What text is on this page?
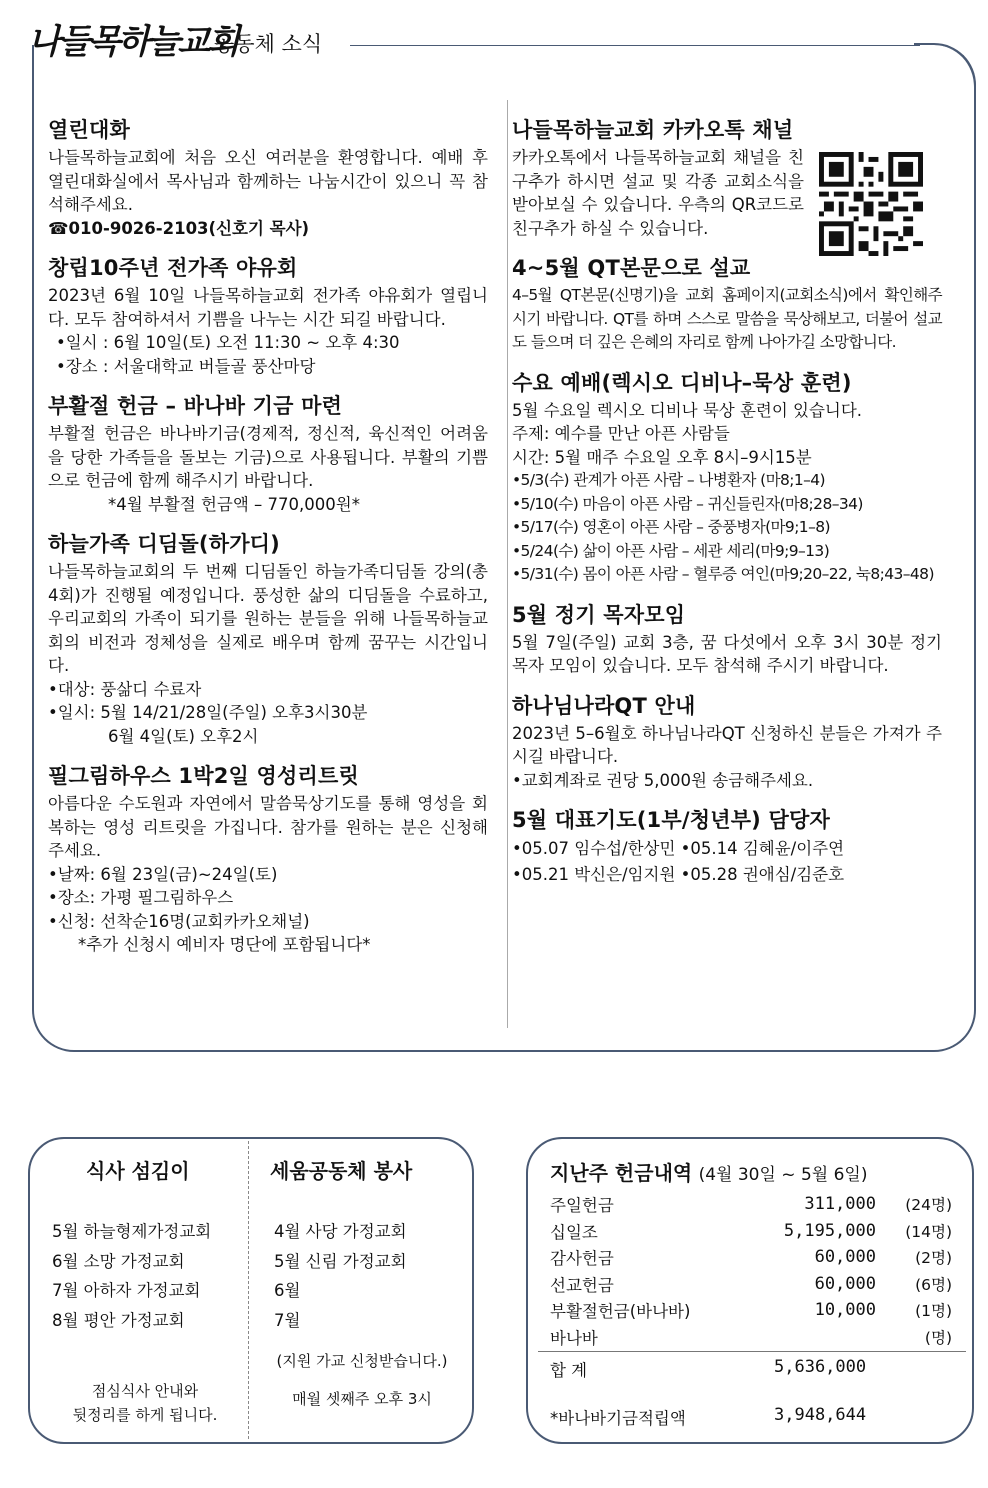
나들목하늘교회
공동체 소식
열린대화

나들목하늘교회에 처음 오신 여러분을 환영합니다. 예배 후 열린대화실에서 목사님과 함께하는 나눔시간이 있으니 꼭 참석해주세요.

☎010-9026-2103(신호기 목사)

창립10주년 전가족 야유회

2023년 6월 10일 나들목하늘교회 전가족 야유회가 열립니다. 모두 참여하셔서 기쁨을 나누는 시간 되길 바랍니다.

•일시 : 6월 10일(토) 오전 11:30 ~ 오후 4:30
•장소 : 서울대학교 버들골 풍산마당
부활절 헌금 – 바나바 기금 마련

부활절 헌금은 바나바기금(경제적, 정신적, 육신적인 어려움을 당한 가족들을 돌보는 기금)으로 사용됩니다. 부활의 기쁨으로 헌금에 함께 해주시기 바랍니다.

*4월 부활절 헌금액 – 770,000원*

하늘가족 디딤돌(하가디)

나들목하늘교회의 두 번째 디딤돌인 하늘가족디딤돌 강의(총4회)가 진행될 예정입니다. 풍성한 삶의 디딤돌을 수료하고, 우리교회의 가족이 되기를 원하는 분들을 위해 나들목하늘교회의 비전과 정체성을 실제로 배우며 함께 꿈꾸는 시간입니다.

•대상: 풍삶디 수료자
•일시: 5월 14/21/28일(주일) 오후3시30분
6월 4일(토) 오후2시
필그림하우스 1박2일 영성리트릿

아름다운 수도원과 자연에서 말씀묵상기도를 통해 영성을 회복하는 영성 리트릿을 가집니다. 참가를 원하는 분은 신청해주세요.

•날짜: 6월 23일(금)~24일(토)
•장소: 가평 필그림하우스
•신청: 선착순16명(교회카카오채널)
*추가 신청시 예비자 명단에 포함됩니다*
나들목하늘교회 카카오톡 채널

카카오톡에서 나들목하늘교회 채널을 친구추가 하시면 설교 및 각종 교회소식을 받아보실 수 있습니다. 우측의 QR코드로 친구추가 하실 수 있습니다.

4~5월 QT본문으로 설교

4–5월 QT본문(신명기)을 교회 홈페이지(교회소식)에서 확인해주시기 바랍니다. QT를 하며 스스로 말씀을 묵상해보고, 더불어 설교도 들으며 더 깊은 은혜의 자리로 함께 나아가길 소망합니다.

수요 예배(렉시오 디비나–묵상 훈련)

5월 수요일 렉시오 디비나 묵상 훈련이 있습니다.

주제: 예수를 만난 아픈 사람들

시간: 5월 매주 수요일 오후 8시–9시15분

•5/3(수) 관계가 아픈 사람 – 나병환자 (마8;1–4)
•5/10(수) 마음이 아픈 사람 – 귀신들린자(마8;28–34)
•5/17(수) 영혼이 아픈 사람 – 중풍병자(마9;1–8)
•5/24(수) 삶이 아픈 사람 – 세관 세리(마9;9–13)
•5/31(수) 몸이 아픈 사람 – 혈루증 여인(마9;20–22, 눅8;43–48)
5월 정기 목자모임

5월 7일(주일) 교회 3층, 꿈 다섯에서 오후 3시 30분 정기 목자 모임이 있습니다. 모두 참석해 주시기 바랍니다.

하나님나라QT 안내

2023년 5–6월호 하나님나라QT 신청하신 분들은 가져가 주시길 바랍니다.

•교회계좌로 권당 5,000원 송금해주세요.
5월 대표기도(1부/청년부) 담당자
•05.07 임수섭/한상민 •05.14 김혜윤/이주연
•05.21 박신은/임지원 •05.28 권애심/김준호
식사 섬김이
5월 하늘형제가정교회
6월 소망 가정교회
7월 아하자 가정교회
8월 평안 가정교회
점심식사 안내와
뒷정리를 하게 됩니다.
세움공동체 봉사
4월 사당 가정교회
5월 신림 가정교회
6월
7월
(지원 가교 신청받습니다.)
매월 셋째주 오후 3시
지난주 헌금내역 (4월 30일 ~ 5월 6일)
주일헌금	311,000	(24명)
십일조	5,195,000	(14명)
감사헌금	60,000	(2명)
선교헌금	60,000	(6명)
부활절헌금(바나바)	10,000	(1명)
바나바		(명)
합 계	5,636,000
*바나바기금적립액	3,948,644
